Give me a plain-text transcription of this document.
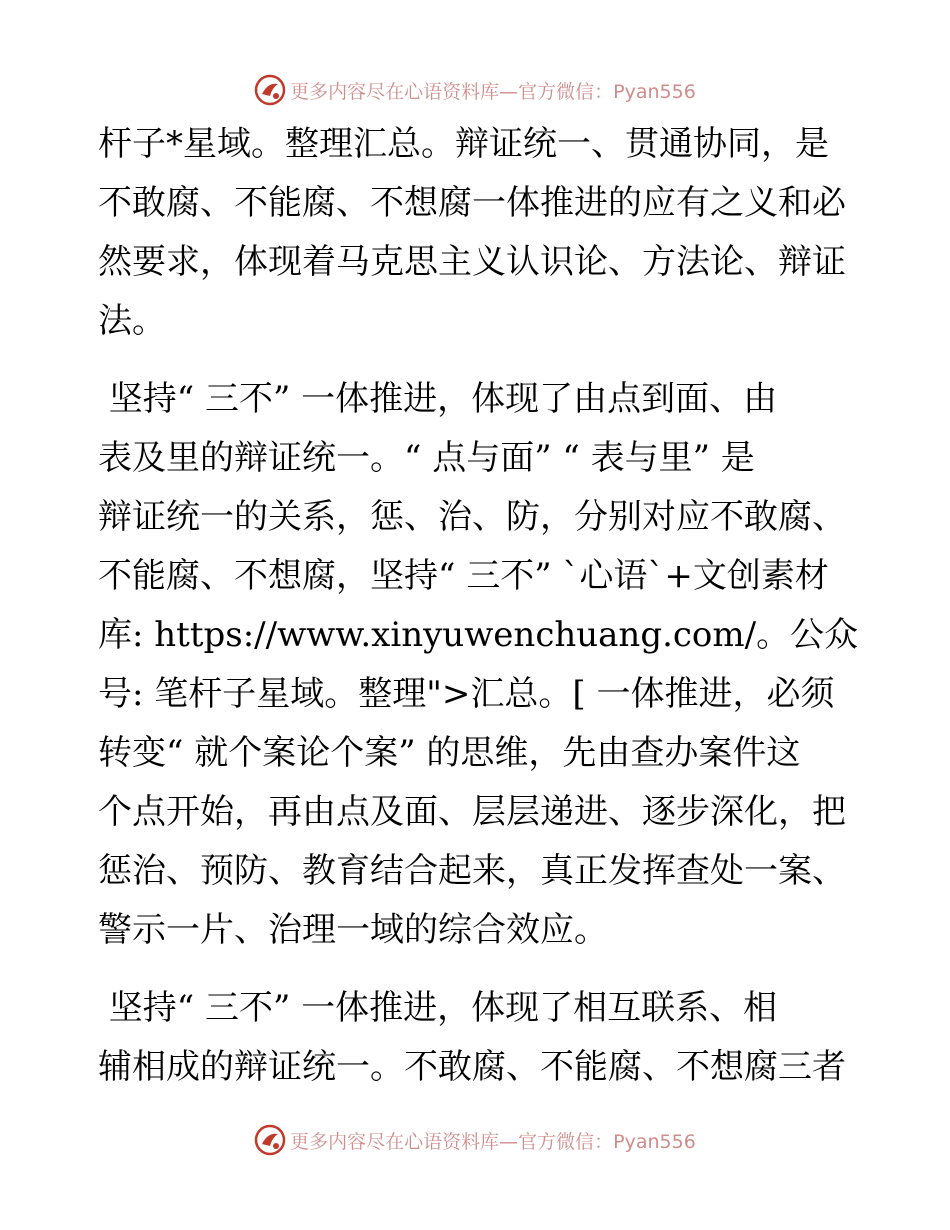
更多内容尽在心语资料库—官方微信：Pyan556
杆子*星域。整理汇总。辩证统一、贯通协同，是
不敢腐、不能腐、不想腐一体推进的应有之义和必
然要求，体现着马克思主义认识论、方法论、辩证
法。
坚持“ 三不” 一体推进，体现了由点到面、由
表及里的辩证统一。“ 点与面” “ 表与里” 是
辩证统一的关系，惩、治、防，分别对应不敢腐、
不能腐、不想腐，坚持“ 三不” `心语`+文创素材
库: https://www.xinyuwenchuang.com/。公众
号: 笔杆子星域。整理">汇总。[ 一体推进，必须
转变“ 就个案论个案” 的思维，先由查办案件这
个点开始，再由点及面、层层递进、逐步深化，把
惩治、预防、教育结合起来，真正发挥查处一案、
警示一片、治理一域的综合效应。
坚持“ 三不” 一体推进，体现了相互联系、相
辅相成的辩证统一。不敢腐、不能腐、不想腐三者
更多内容尽在心语资料库—官方微信：Pyan556
